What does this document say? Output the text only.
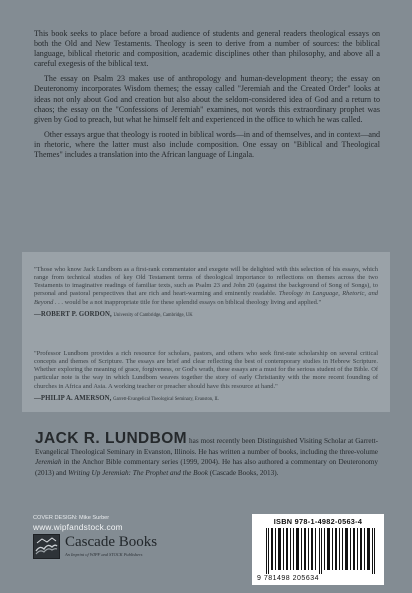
This book seeks to place before a broad audience of students and general readers theological essays on both the Old and New Testaments. Theology is seen to derive from a number of sources: the biblical language, biblical rhetoric and composition, academic disciplines other than philosophy, and above all a careful exegesis of the biblical text.

The essay on Psalm 23 makes use of anthropology and human-development theory; the essay on Deuteronomy incorporates Wisdom themes; the essay called "Jeremiah and the Created Order" looks at ideas not only about God and creation but also about the seldom-considered idea of God and a return to chaos; the essay on the "Confessions of Jeremiah" examines, not words this extraordinary prophet was given by God to preach, but what he himself felt and experienced in the office to which he was called.

Other essays argue that theology is rooted in biblical words—in and of themselves, and in context—and in rhetoric, where the latter must also include composition. One essay on "Biblical and Theological Themes" includes a translation into the African language of Lingala.

"Those who know Jack Lundbom as a first-rank commentator and exegete will be delighted with this selection of his essays, which range from technical studies of key Old Testament terms of theological importance to reflections on themes across the two Testaments to imaginative readings of familiar texts, such as Psalm 23 and John 20 (against the background of Song of Songs), to personal and pastoral perspectives that are rich and heart-warming and eminently readable. Theology in Language, Rhetoric, and Beyond . . . would be a not inappropriate title for these splendid essays on biblical theology living and applied."
—ROBERT P. GORDON, University of Cambridge, Cambridge, UK
"Professor Lundbom provides a rich resource for scholars, pastors, and others who seek first-rate scholarship on several critical concepts and themes of Scripture. The essays are brief and clear reflecting the best of contemporary studies in Hebrew Scripture. Whether exploring the meaning of grace, forgiveness, or God's wrath, these essays are a must for the serious student of the Bible. Of particular note is the way in which Lundbom weaves together the story of early Christianity with the more recent founding of churches in Africa and Asia. A working teacher or preacher should have this resource at hand."
—PHILIP A. AMERSON, Garrett-Evangelical Theological Seminary, Evanston, IL
JACK R. LUNDBOM has most recently been Distinguished Visiting Scholar at Garrett-Evangelical Theological Seminary in Evanston, Illinois. He has written a number of books, including the three-volume Jeremiah in the Anchor Bible commentary series (1999, 2004). He has also authored a commentary on Deuteronomy (2013) and Writing Up Jeremiah: The Prophet and the Book (Cascade Books, 2013).
COVER DESIGN: Mike Surber
www.wipfandstock.com
Cascade Books
An Imprint of WIPF and STOCK Publishers
ISBN 978-1-4982-0563-4
9 781498 205634
